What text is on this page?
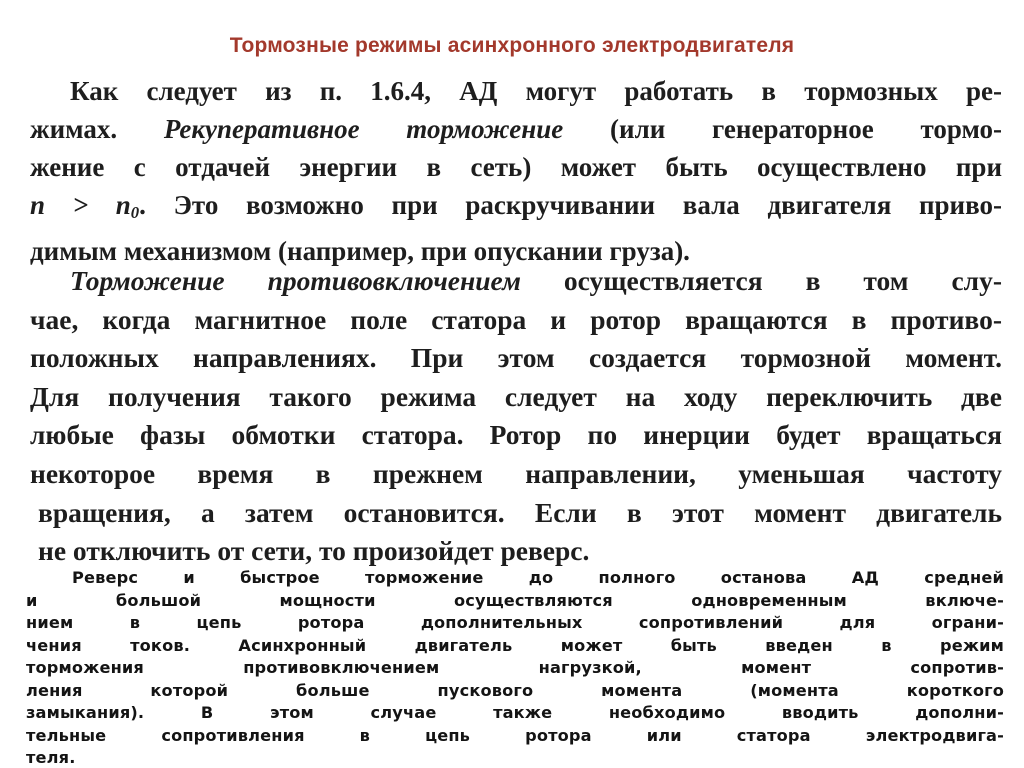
Тормозные режимы асинхронного электродвигателя
Как следует из п. 1.6.4, АД могут работать в тормозных ре-
жимах. Рекуперативное торможение (или генераторное тормо-
жение с отдачей энергии в сеть) может быть осуществлено при
$n > n_0$. Это возможно при раскручивании вала двигателя приво-
димым механизмом (например, при опускании груза).
Торможение противовключением осуществляется в том слу-
чае, когда магнитное поле статора и ротор вращаются в противо-
положных направлениях. При этом создается тормозной момент.
Для получения такого режима следует на ходу переключить две
любые фазы обмотки статора. Ротор по инерции будет вращаться
некоторое время в прежнем направлении, уменьшая частоту
вращения, а затем остановится. Если в этот момент двигатель
не отключить от сети, то произойдет реверс.
Реверс и быстрое торможение до полного останова АД средней
и большой мощности осуществляются одновременным включе-
нием в цепь ротора дополнительных сопротивлений для ограни-
чения токов. Асинхронный двигатель может быть введен в режим
торможения противовключением нагрузкой, момент сопротив-
ления которой больше пускового момента (момента короткого
замыкания). В этом случае также необходимо вводить дополни-
тельные сопротивления в цепь ротора или статора электродвига-
теля.
